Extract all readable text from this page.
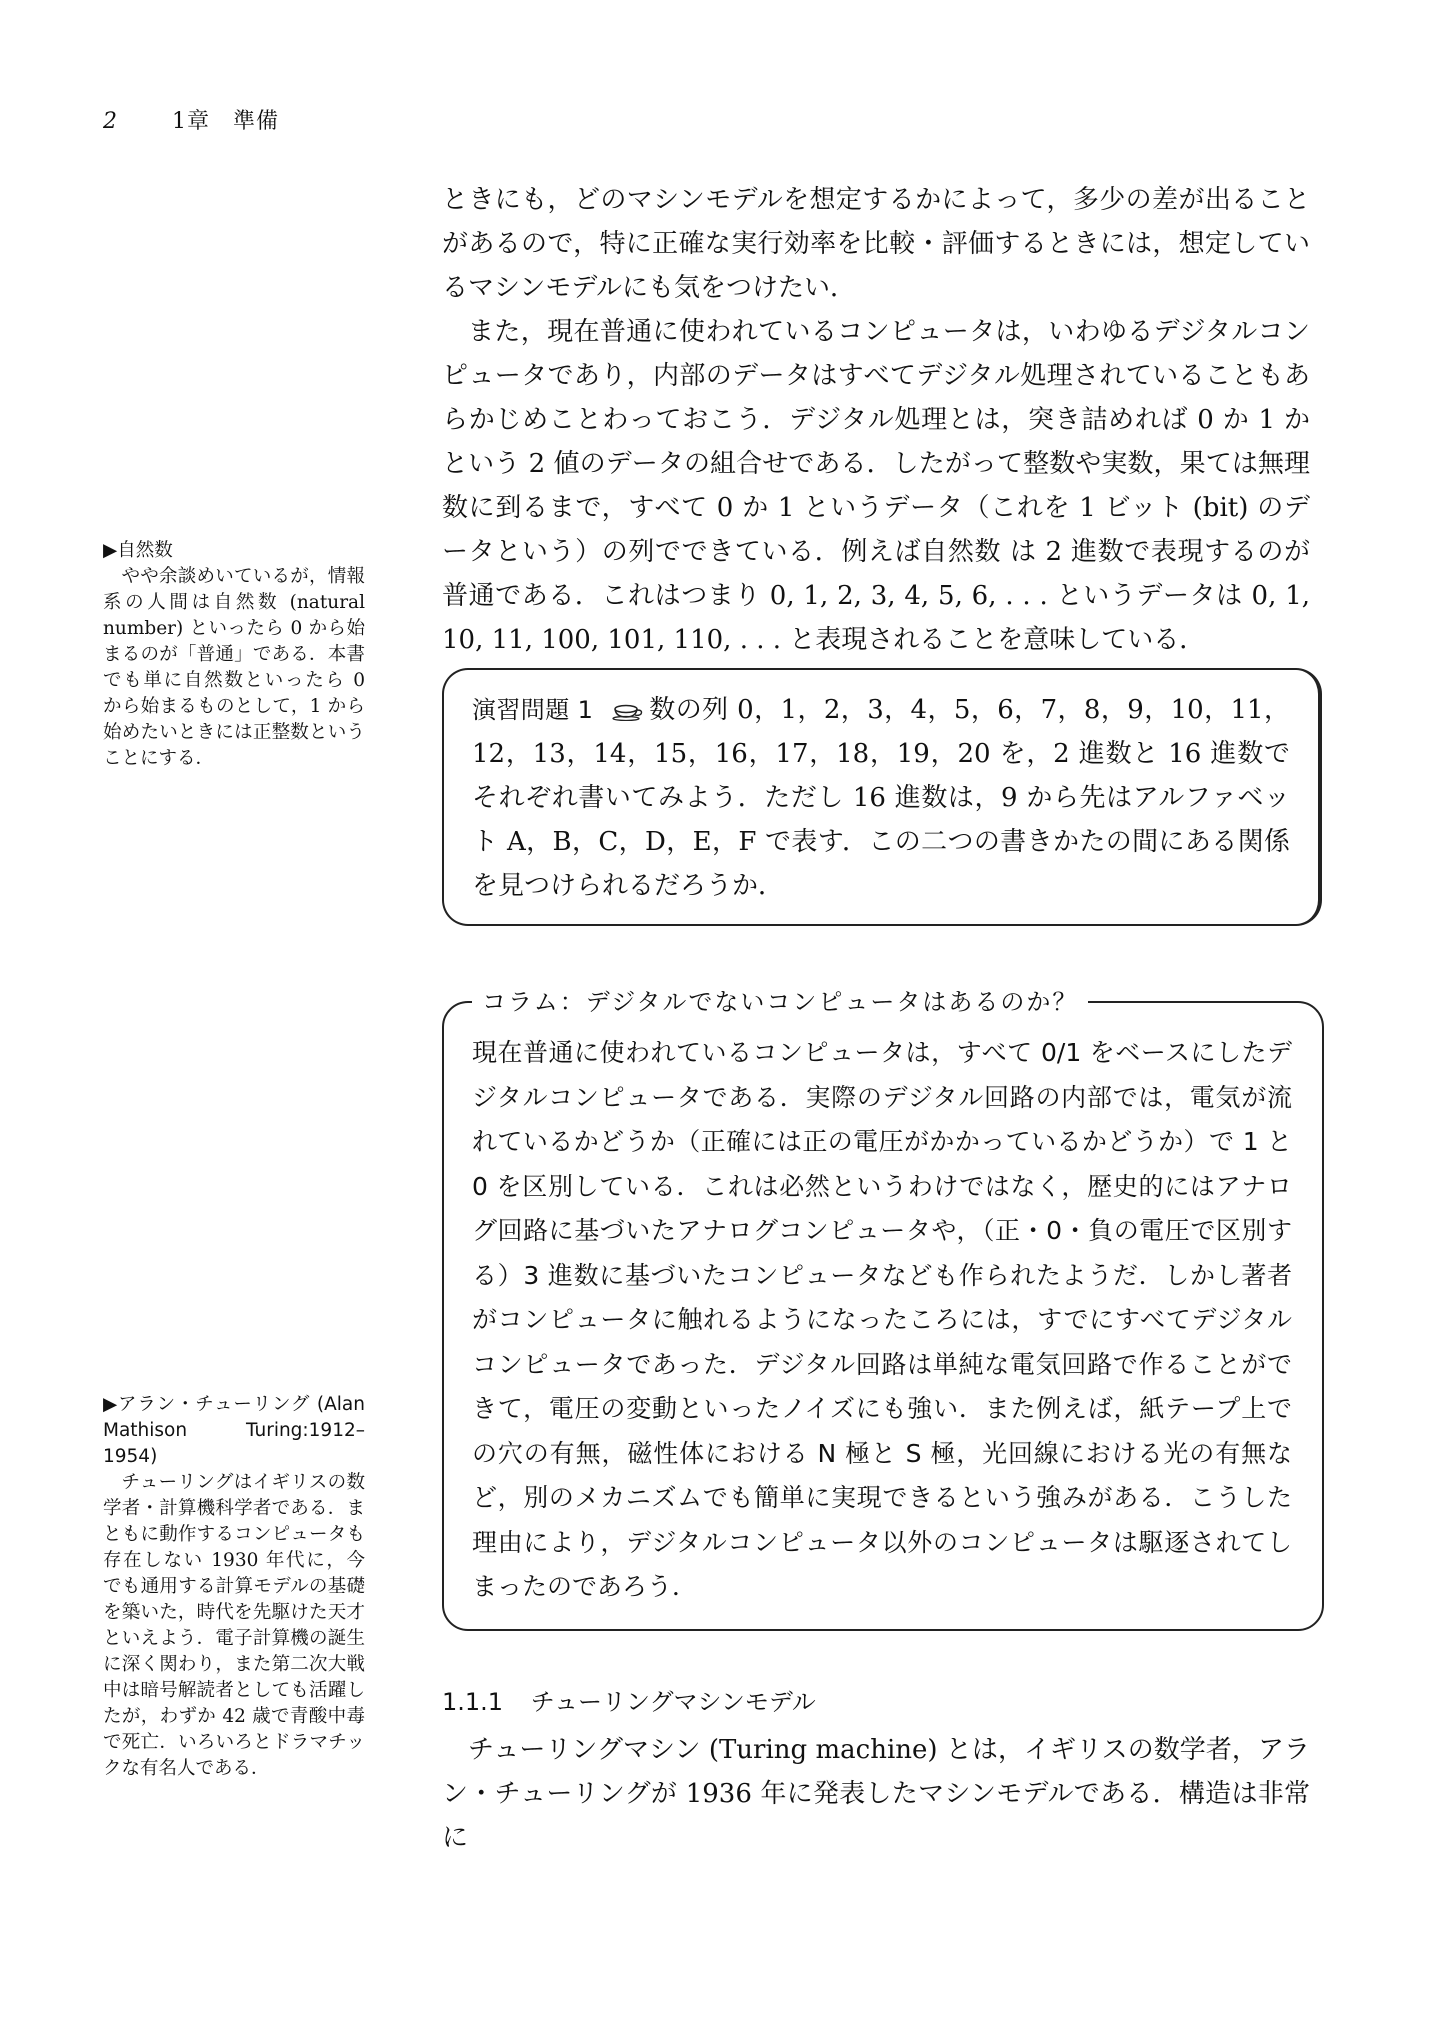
2	1章　準備

ときにも，どのマシンモデルを想定するかによって，多少の差が出ることがあるので，特に正確な実行効率を比較・評価するときには，想定しているマシンモデルにも気をつけたい．

また，現在普通に使われているコンピュータは，いわゆるデジタルコンピュータであり，内部のデータはすべてデジタル処理されていることもあらかじめことわっておこう．デジタル処理とは，突き詰めれば 0 か 1 かという 2 値のデータの組合せである．したがって整数や実数，果ては無理数に到るまで，すべて 0 か 1 というデータ（これを 1 ビット (bit) のデータという）の列でできている．例えば自然数 は 2 進数で表現するのが普通である．これはつまり 0, 1, 2, 3, 4, 5, 6, . . . というデータは 0, 1, 10, 11, 100, 101, 110, . . . と表現されることを意味している．

演習問題 1 数の列 0，1，2，3，4，5，6，7，8，9，10，11，12，13，14，15，16，17，18，19，20 を，2 進数と 16 進数でそれぞれ書いてみよう．ただし 16 進数は，9 から先はアルファベット A，B，C，D，E，F で表す．この二つの書きかたの間にある関係を見つけられるだろうか．
コラム：デジタルでないコンピュータはあるのか？
現在普通に使われているコンピュータは，すべて 0/1 をベースにしたデジタルコンピュータである．実際のデジタル回路の内部では，電気が流れているかどうか（正確には正の電圧がかかっているかどうか）で 1 と 0 を区別している．これは必然というわけではなく，歴史的にはアナログ回路に基づいたアナログコンピュータや，（正・0・負の電圧で区別する）3 進数に基づいたコンピュータなども作られたようだ．しかし著者がコンピュータに触れるようになったころには，すでにすべてデジタルコンピュータであった．デジタル回路は単純な電気回路で作ることができて，電圧の変動といったノイズにも強い．また例えば，紙テープ上での穴の有無，磁性体における N 極と S 極，光回線における光の有無など，別のメカニズムでも簡単に実現できるという強みがある．こうした理由により，デジタルコンピュータ以外のコンピュータは駆逐されてしまったのであろう．
1.1.1 チューリングマシンモデル

チューリングマシン (Turing machine) とは，イギリスの数学者，アラン・チューリングが 1936 年に発表したマシンモデルである．構造は非常に

▶自然数
やや余談めいているが，情報系の人間は自然数 (natural number) といったら 0 から始まるのが「普通」である．本書でも単に自然数といったら 0 から始まるものとして，1 から始めたいときには正整数ということにする．
▶アラン・チューリング (Alan Mathison Turing:1912–1954)
チューリングはイギリスの数学者・計算機科学者である．まともに動作するコンピュータも存在しない 1930 年代に，今でも通用する計算モデルの基礎を築いた，時代を先駆けた天才といえよう．電子計算機の誕生に深く関わり，また第二次大戦中は暗号解読者としても活躍したが，わずか 42 歳で青酸中毒で死亡．いろいろとドラマチックな有名人である．
